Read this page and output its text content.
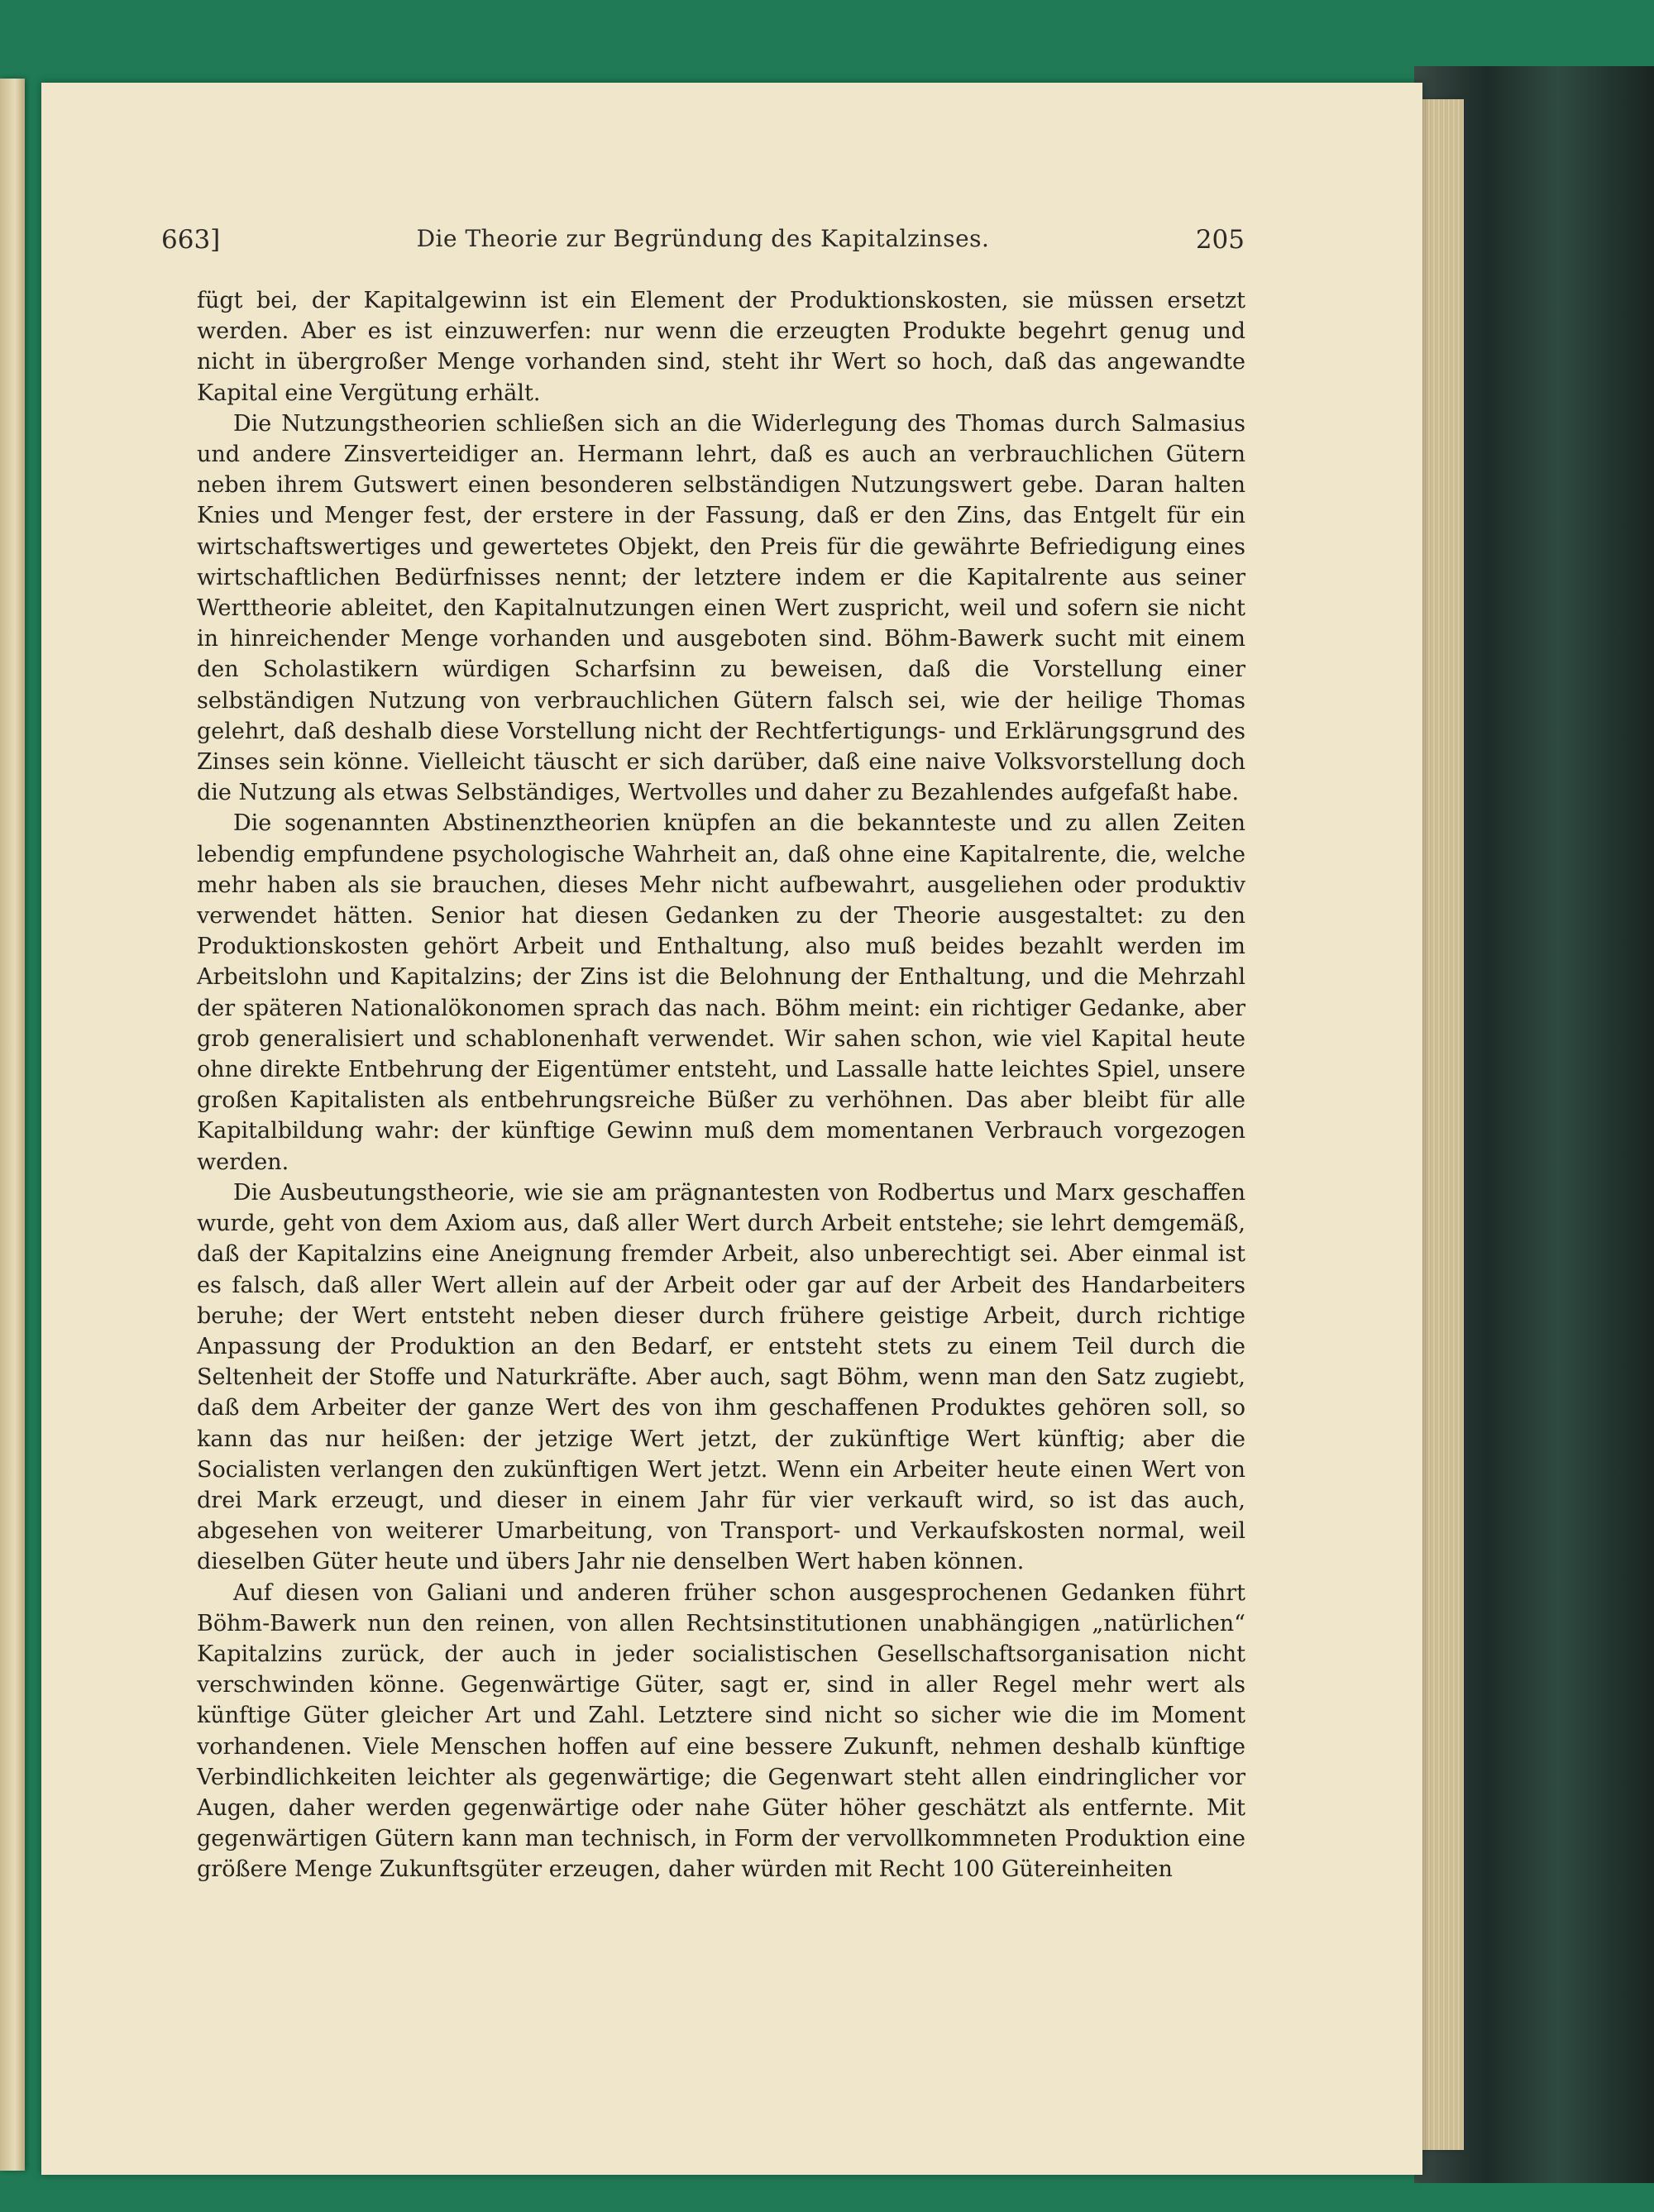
663]	Die Theorie zur Begründung des Kapitalzinses.	205

fügt bei, der Kapitalgewinn ist ein Element der Produktionskosten, sie müssen ersetzt werden. Aber es ist einzuwerfen: nur wenn die erzeugten Produkte begehrt genug und nicht in übergroßer Menge vorhanden sind, steht ihr Wert so hoch, daß das angewandte Kapital eine Vergütung erhält.

Die Nutzungstheorien schließen sich an die Widerlegung des Thomas durch Salmasius und andere Zinsverteidiger an. Hermann lehrt, daß es auch an verbrauchlichen Gütern neben ihrem Gutswert einen besonderen selbständigen Nutzungswert gebe. Daran halten Knies und Menger fest, der erstere in der Fassung, daß er den Zins, das Entgelt für ein wirtschaftswertiges und gewertetes Objekt, den Preis für die gewährte Befriedigung eines wirtschaftlichen Bedürfnisses nennt; der letztere indem er die Kapitalrente aus seiner Werttheorie ableitet, den Kapitalnutzungen einen Wert zuspricht, weil und sofern sie nicht in hinreichender Menge vorhanden und ausgeboten sind. Böhm-Bawerk sucht mit einem den Scholastikern würdigen Scharfsinn zu beweisen, daß die Vorstellung einer selbständigen Nutzung von verbrauchlichen Gütern falsch sei, wie der heilige Thomas gelehrt, daß deshalb diese Vorstellung nicht der Rechtfertigungs- und Erklärungsgrund des Zinses sein könne. Vielleicht täuscht er sich darüber, daß eine naive Volksvorstellung doch die Nutzung als etwas Selbständiges, Wertvolles und daher zu Bezahlendes aufgefaßt habe.

Die sogenannten Abstinenztheorien knüpfen an die bekannteste und zu allen Zeiten lebendig empfundene psychologische Wahrheit an, daß ohne eine Kapitalrente, die, welche mehr haben als sie brauchen, dieses Mehr nicht aufbewahrt, ausgeliehen oder produktiv verwendet hätten. Senior hat diesen Gedanken zu der Theorie ausgestaltet: zu den Produktionskosten gehört Arbeit und Enthaltung, also muß beides bezahlt werden im Arbeitslohn und Kapitalzins; der Zins ist die Belohnung der Enthaltung, und die Mehrzahl der späteren Nationalökonomen sprach das nach. Böhm meint: ein richtiger Gedanke, aber grob generalisiert und schablonenhaft verwendet. Wir sahen schon, wie viel Kapital heute ohne direkte Entbehrung der Eigentümer entsteht, und Lassalle hatte leichtes Spiel, unsere großen Kapitalisten als entbehrungsreiche Büßer zu verhöhnen. Das aber bleibt für alle Kapitalbildung wahr: der künftige Gewinn muß dem momentanen Verbrauch vorgezogen werden.

Die Ausbeutungstheorie, wie sie am prägnantesten von Rodbertus und Marx geschaffen wurde, geht von dem Axiom aus, daß aller Wert durch Arbeit entstehe; sie lehrt demgemäß, daß der Kapitalzins eine Aneignung fremder Arbeit, also unberechtigt sei. Aber einmal ist es falsch, daß aller Wert allein auf der Arbeit oder gar auf der Arbeit des Handarbeiters beruhe; der Wert entsteht neben dieser durch frühere geistige Arbeit, durch richtige Anpassung der Produktion an den Bedarf, er entsteht stets zu einem Teil durch die Seltenheit der Stoffe und Naturkräfte. Aber auch, sagt Böhm, wenn man den Satz zugiebt, daß dem Arbeiter der ganze Wert des von ihm geschaffenen Produktes gehören soll, so kann das nur heißen: der jetzige Wert jetzt, der zukünftige Wert künftig; aber die Socialisten verlangen den zukünftigen Wert jetzt. Wenn ein Arbeiter heute einen Wert von drei Mark erzeugt, und dieser in einem Jahr für vier verkauft wird, so ist das auch, abgesehen von weiterer Umarbeitung, von Transport- und Verkaufskosten normal, weil dieselben Güter heute und übers Jahr nie denselben Wert haben können.

Auf diesen von Galiani und anderen früher schon ausgesprochenen Gedanken führt Böhm-Bawerk nun den reinen, von allen Rechtsinstitutionen unabhängigen „natürlichen“ Kapitalzins zurück, der auch in jeder socialistischen Gesellschaftsorganisation nicht verschwinden könne. Gegenwärtige Güter, sagt er, sind in aller Regel mehr wert als künftige Güter gleicher Art und Zahl. Letztere sind nicht so sicher wie die im Moment vorhandenen. Viele Menschen hoffen auf eine bessere Zukunft, nehmen deshalb künftige Verbindlichkeiten leichter als gegenwärtige; die Gegenwart steht allen eindringlicher vor Augen, daher werden gegenwärtige oder nahe Güter höher geschätzt als entfernte. Mit gegenwärtigen Gütern kann man technisch, in Form der vervollkommneten Produktion eine größere Menge Zukunftsgüter erzeugen, daher würden mit Recht 100 Gütereinheiten
